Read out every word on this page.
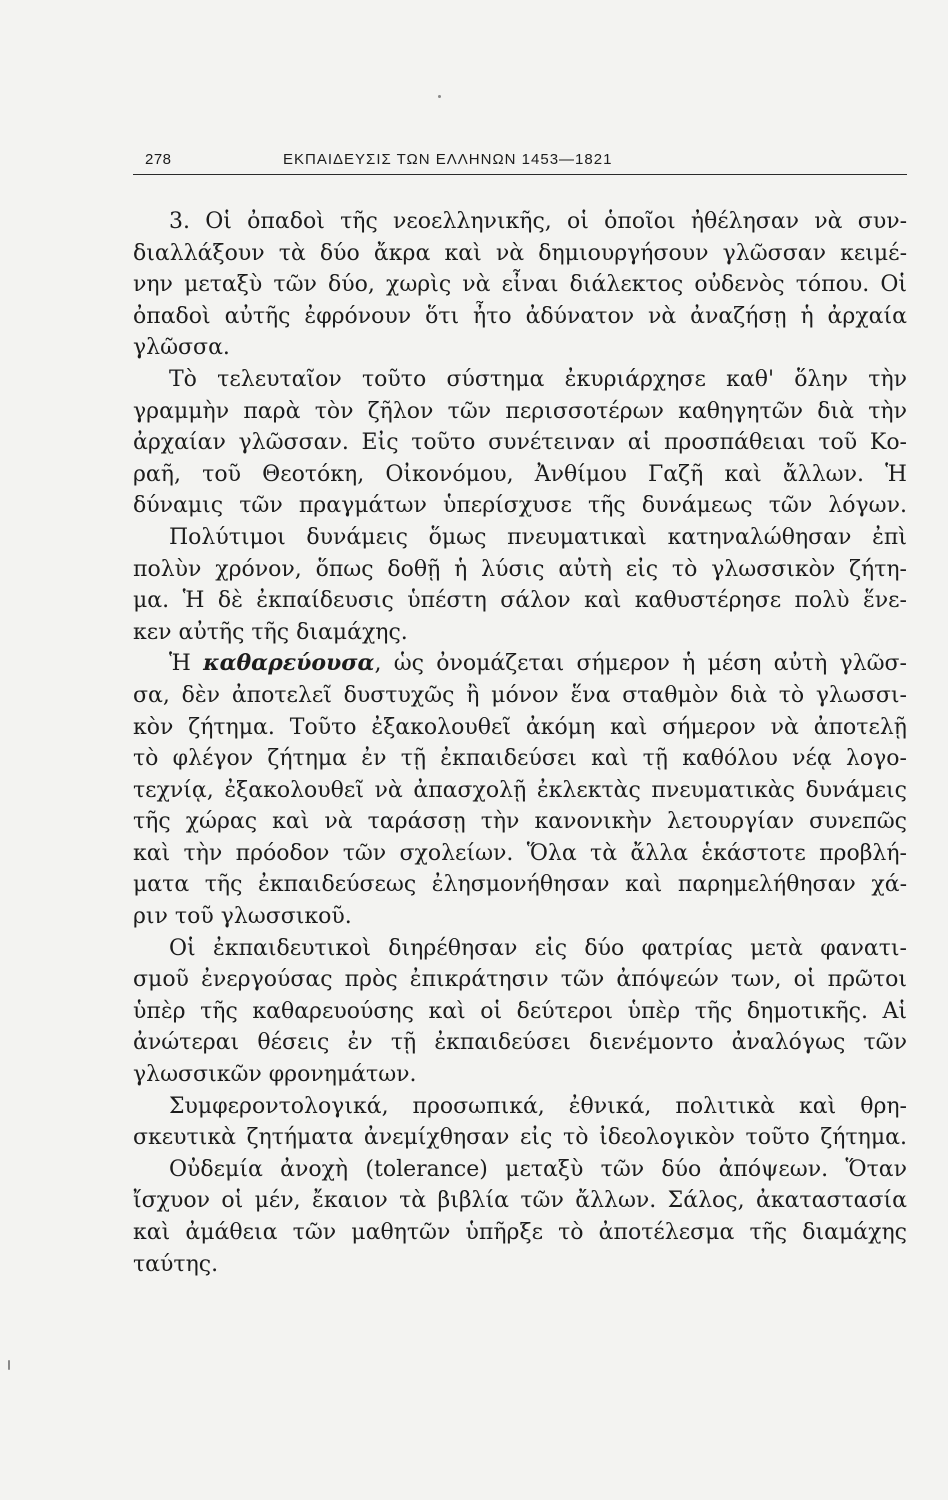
278	ΕΚΠΑΙΔΕΥΣΙΣ ΤΩΝ ΕΛΛΗΝΩΝ 1453—1821
3. Οἱ ὀπαδοὶ τῆς νεοελληνικῆς, οἱ ὁποῖοι ἠθέλησαν νὰ συν-
διαλλάξουν τὰ δύο ἄκρα καὶ νὰ δημιουργήσουν γλῶσσαν κειμέ-
νην μεταξὺ τῶν δύο, χωρὶς νὰ εἶναι διάλεκτος οὐδενὸς τόπου. Οἱ
ὀπαδοὶ αὐτῆς ἐφρόνουν ὅτι ἦτο ἀδύνατον νὰ ἀναζήσῃ ἡ ἀρχαία
γλῶσσα.
Τὸ τελευταῖον τοῦτο σύστημα ἐκυριάρχησε καθ' ὅλην τὴν
γραμμὴν παρὰ τὸν ζῆλον τῶν περισσοτέρων καθηγητῶν διὰ τὴν
ἀρχαίαν γλῶσσαν. Εἰς τοῦτο συνέτειναν αἱ προσπάθειαι τοῦ Κο-
ραῆ, τοῦ Θεοτόκη, Οἰκονόμου, Ἀνθίμου Γαζῆ καὶ ἄλλων. Ἡ
δύναμις τῶν πραγμάτων ὑπερίσχυσε τῆς δυνάμεως τῶν λόγων.
Πολύτιμοι δυνάμεις ὅμως πνευματικαὶ κατηναλώθησαν ἐπὶ
πολὺν χρόνον, ὅπως δοθῇ ἡ λύσις αὐτὴ εἰς τὸ γλωσσικὸν ζήτη-
μα. Ἡ δὲ ἐκπαίδευσις ὑπέστη σάλον καὶ καθυστέρησε πολὺ ἕνε-
κεν αὐτῆς τῆς διαμάχης.
Ἡ καθαρεύουσα, ὡς ὀνομάζεται σήμερον ἡ μέση αὐτὴ γλῶσ-
σα, δὲν ἀποτελεῖ δυστυχῶς ἢ μόνον ἕνα σταθμὸν διὰ τὸ γλωσσι-
κὸν ζήτημα. Τοῦτο ἐξακολουθεῖ ἀκόμη καὶ σήμερον νὰ ἀποτελῇ
τὸ φλέγον ζήτημα ἐν τῇ ἐκπαιδεύσει καὶ τῇ καθόλου νέᾳ λογο-
τεχνίᾳ, ἐξακολουθεῖ νὰ ἀπασχολῇ ἐκλεκτὰς πνευματικὰς δυνάμεις
τῆς χώρας καὶ νὰ ταράσσῃ τὴν κανονικὴν λετουργίαν συνεπῶς
καὶ τὴν πρόοδον τῶν σχολείων. Ὅλα τὰ ἄλλα ἑκάστοτε προβλή-
ματα τῆς ἐκπαιδεύσεως ἐλησμονήθησαν καὶ παρημελήθησαν χά-
ριν τοῦ γλωσσικοῦ.
Οἱ ἐκπαιδευτικοὶ διηρέθησαν εἰς δύο φατρίας μετὰ φανατι-
σμοῦ ἐνεργούσας πρὸς ἐπικράτησιν τῶν ἀπόψεών των, οἱ πρῶτοι
ὑπὲρ τῆς καθαρευούσης καὶ οἱ δεύτεροι ὑπὲρ τῆς δημοτικῆς. Αἱ
ἀνώτεραι θέσεις ἐν τῇ ἐκπαιδεύσει διενέμοντο ἀναλόγως τῶν
γλωσσικῶν φρονημάτων.
Συμφεροντολογικά, προσωπικά, ἐθνικά, πολιτικὰ καὶ θρη-
σκευτικὰ ζητήματα ἀνεμίχθησαν εἰς τὸ ἰδεολογικὸν τοῦτο ζήτημα.
Οὐδεμία ἀνοχὴ (tolerance) μεταξὺ τῶν δύο ἀπόψεων. Ὅταν
ἴσχυον οἱ μέν, ἔκαιον τὰ βιβλία τῶν ἄλλων. Σάλος, ἀκαταστασία
καὶ ἀμάθεια τῶν μαθητῶν ὑπῆρξε τὸ ἀποτέλεσμα τῆς διαμάχης
ταύτης.
